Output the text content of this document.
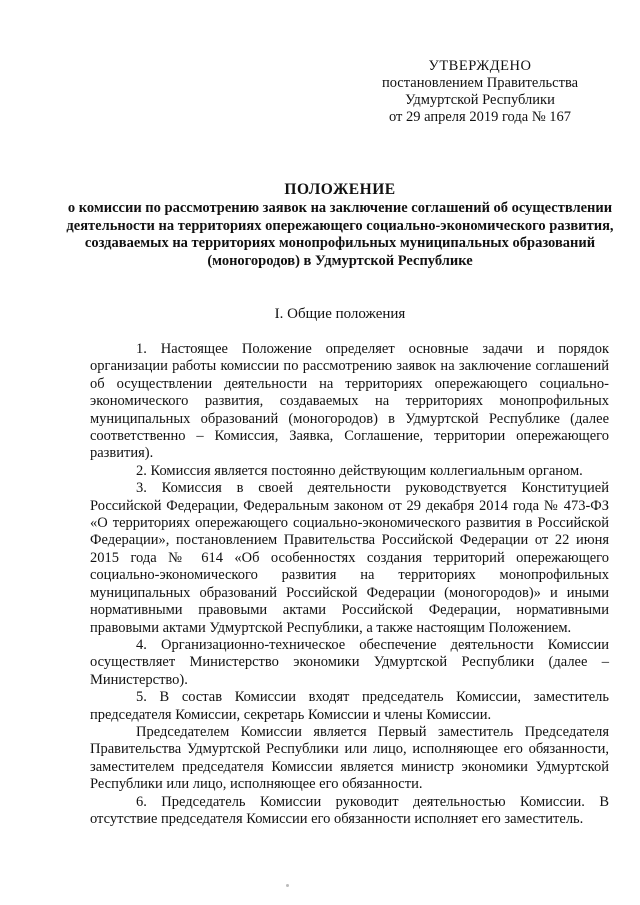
УТВЕРЖДЕНО
постановлением Правительства
Удмуртской Республики
от 29 апреля 2019 года № 167
ПОЛОЖЕНИЕ
о комиссии по рассмотрению заявок на заключение соглашений об осуществлении деятельности на территориях опережающего социально-экономического развития, создаваемых на территориях монопрофильных муниципальных образований (моногородов) в Удмуртской Республике
I. Общие положения

1. Настоящее Положение определяет основные задачи и порядок организации работы комиссии по рассмотрению заявок на заключение соглашений об осуществлении деятельности на территориях опережающего социально-экономического развития, создаваемых на территориях монопрофильных муниципальных образований (моногородов) в Удмуртской Республике (далее соответственно – Комиссия, Заявка, Соглашение, территории опережающего развития).

2. Комиссия является постоянно действующим коллегиальным органом.

3. Комиссия в своей деятельности руководствуется Конституцией Российской Федерации, Федеральным законом от 29 декабря 2014 года № 473-ФЗ «О территориях опережающего социально-экономического развития в Российской Федерации», постановлением Правительства Российской Федерации от 22 июня 2015 года № 614 «Об особенностях создания территорий опережающего социально-экономического развития на территориях монопрофильных муниципальных образований Российской Федерации (моногородов)» и иными нормативными правовыми актами Российской Федерации, нормативными правовыми актами Удмуртской Республики, а также настоящим Положением.

4. Организационно-техническое обеспечение деятельности Комиссии осуществляет Министерство экономики Удмуртской Республики (далее – Министерство).

5. В состав Комиссии входят председатель Комиссии, заместитель председателя Комиссии, секретарь Комиссии и члены Комиссии.

Председателем Комиссии является Первый заместитель Председателя Правительства Удмуртской Республики или лицо, исполняющее его обязанности, заместителем председателя Комиссии является министр экономики Удмуртской Республики или лицо, исполняющее его обязанности.

6. Председатель Комиссии руководит деятельностью Комиссии. В отсутствие председателя Комиссии его обязанности исполняет его заместитель.
